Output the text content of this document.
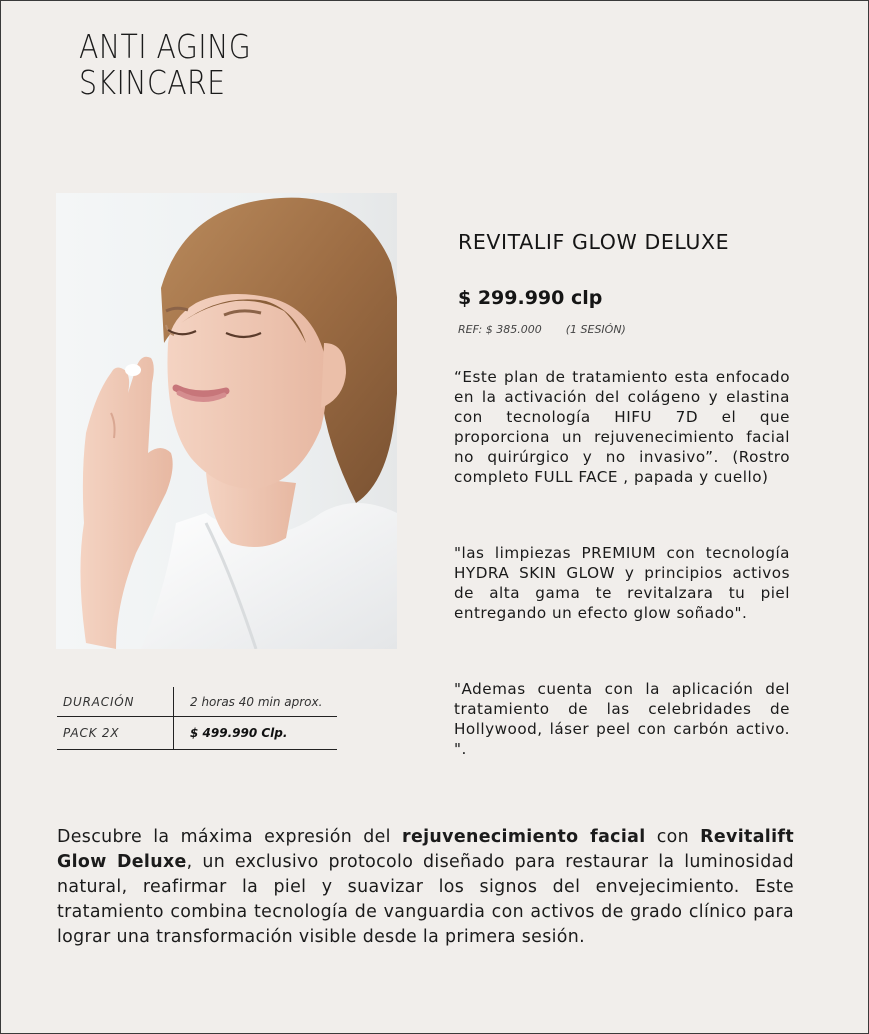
ANTI AGING
SKINCARE
REVITALIF GLOW DELUXE
$ 299.990 clp
REF: $ 385.000 (1 SESIÓN)
“Este plan de tratamiento esta enfocado en la activación del colágeno y elastina con tecnología HIFU 7D el que proporciona un rejuvenecimiento facial no quirúrgico y no invasivo”. (Rostro completo FULL FACE , papada y cuello)
"las limpiezas PREMIUM con tecnología HYDRA SKIN GLOW y principios activos de alta gama te revitalzara tu piel entregando un efecto glow soñado".
"Ademas cuenta con la aplicación del tratamiento de las celebridades de Hollywood, láser peel con carbón activo. ".
DURACIÓN	2 horas 40 min aprox.
PACK 2X	$ 499.990 Clp.
Descubre la máxima expresión del rejuvenecimiento facial con Revitalift Glow Deluxe, un exclusivo protocolo diseñado para restaurar la luminosidad natural, reafirmar la piel y suavizar los signos del envejecimiento. Este tratamiento combina tecnología de vanguardia con activos de grado clínico para lograr una transformación visible desde la primera sesión.
